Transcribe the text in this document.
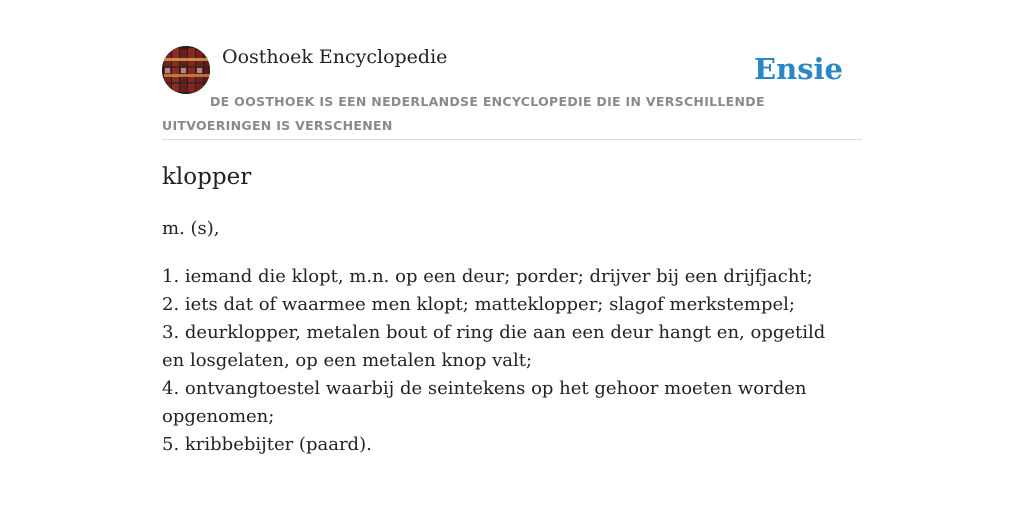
Oosthoek Encyclopedie	Ensie
DE OOSTHOEK IS EEN NEDERLANDSE ENCYCLOPEDIE DIE IN VERSCHILLENDE UITVOERINGEN IS VERSCHENEN
klopper
m. (s),
1. iemand die klopt, m.n. op een deur; porder; drijver bij een drijfjacht;
2. iets dat of waarmee men klopt; matteklopper; slagof merkstempel;
3. deurklopper, metalen bout of ring die aan een deur hangt en, opgetild en losgelaten, op een metalen knop valt;
4. ontvangtoestel waarbij de seintekens op het gehoor moeten worden opgenomen;
5. kribbebijter (paard).
